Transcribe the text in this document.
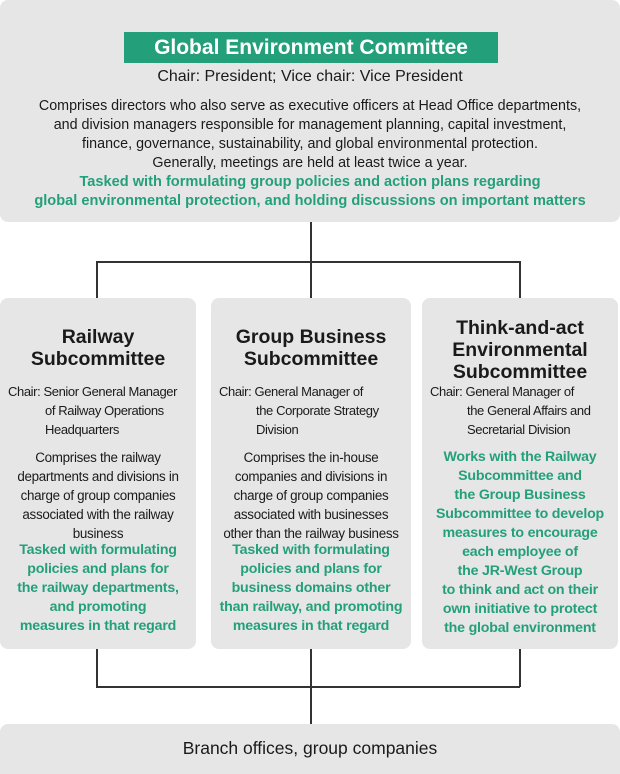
Global Environment Committee
Chair: President; Vice chair: Vice President
Comprises directors who also serve as executive officers at Head Office departments,
and division managers responsible for management planning, capital investment,
finance, governance, sustainability, and global environmental protection.
Generally, meetings are held at least twice a year.
Tasked with formulating group policies and action plans regarding
global environmental protection, and holding discussions on important matters
Railway
Subcommittee
Chair: Senior General Manager
of Railway Operations
Headquarters
Comprises the railway
departments and divisions in
charge of group companies
associated with the railway
business
Tasked with formulating
policies and plans for
the railway departments,
and promoting
measures in that regard
Group Business
Subcommittee
Chair: General Manager of
the Corporate Strategy
Division
Comprises the in-house
companies and divisions in
charge of group companies
associated with businesses
other than the railway business
Tasked with formulating
policies and plans for
business domains other
than railway, and promoting
measures in that regard
Think-and-act
Environmental
Subcommittee
Chair: General Manager of
the General Affairs and
Secretarial Division
Works with the Railway
Subcommittee and
the Group Business
Subcommittee to develop
measures to encourage
each employee of
the JR-West Group
to think and act on their
own initiative to protect
the global environment
Branch offices, group companies
